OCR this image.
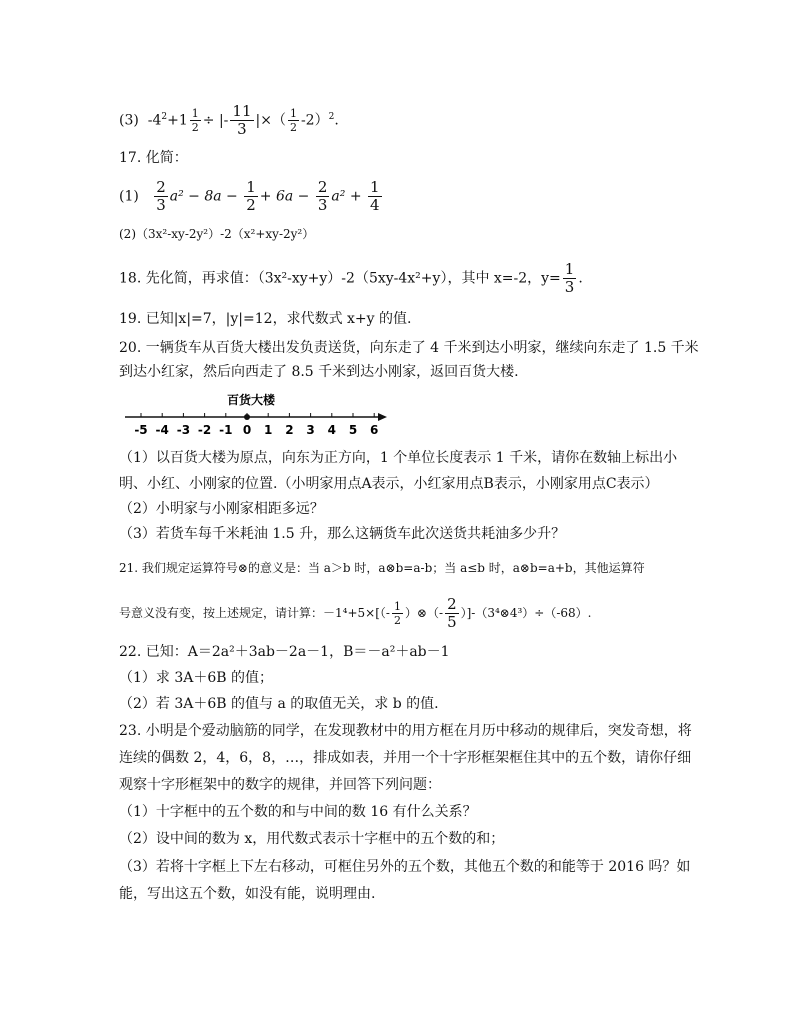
(3) $-4^2+1 \frac{1}{2}$ ÷ |- $\frac{11}{3}$ |×（ $\frac{1}{2} -2)^2$.
17. 化简：
$(1) \frac{2}{3} a^2 - 8a - \frac{1}{2} + 6a - \frac{2}{3} a^2 + \frac{1}{4}$
(2)（3x²-xy-2y²）-2（x²+xy-2y²）
18. 先化简，再求值：（3x²-xy+y）-2（5xy-4x²+y），其中 x=-2，$y= \frac{1}{3}$ .
19. 已知|x|=7，|y|=12，求代数式 x+y 的值.
20. 一辆货车从百货大楼出发负责送货，向东走了 4 千米到达小明家，继续向东走了 1.5 千米
到达小红家，然后向西走了 8.5 千米到达小刚家，返回百货大楼.
百货大楼
-5 -4 -3 -2 -1 0 1 2 3 4 5 6
（1）以百货大楼为原点，向东为正方向，1 个单位长度表示 1 千米，请你在数轴上标出小
明、小红、小刚家的位置.（小明家用点A表示，小红家用点B表示，小刚家用点C表示）
（2）小明家与小刚家相距多远？
（3）若货车每千米耗油 1.5 升，那么这辆货车此次送货共耗油多少升？
21. 我们规定运算符号⊗的意义是：当 a＞b 时，a⊗b=a-b；当 a≤b 时，a⊗b=a+b，其他运算符
号意义没有变，按上述规定，请计算：$-1^4+5\times[(- \frac{1}{2}$ ）⊗（- $\frac{2}{5}$ ）]-（3⁴⊗4³）÷（-68）.
22. 已知：A＝2a²＋3ab－2a－1，B＝－a²＋ab－1
（1）求 3A＋6B 的值；
（2）若 3A＋6B 的值与 a 的取值无关，求 b 的值.
23. 小明是个爱动脑筋的同学，在发现教材中的用方框在月历中移动的规律后，突发奇想，将
连续的偶数 2，4，6，8，…，排成如表，并用一个十字形框架框住其中的五个数，请你仔细
观察十字形框架中的数字的规律，并回答下列问题：
（1）十字框中的五个数的和与中间的数 16 有什么关系？
（2）设中间的数为 x，用代数式表示十字框中的五个数的和；
（3）若将十字框上下左右移动，可框住另外的五个数，其他五个数的和能等于 2016 吗？如
能，写出这五个数，如没有能，说明理由.
